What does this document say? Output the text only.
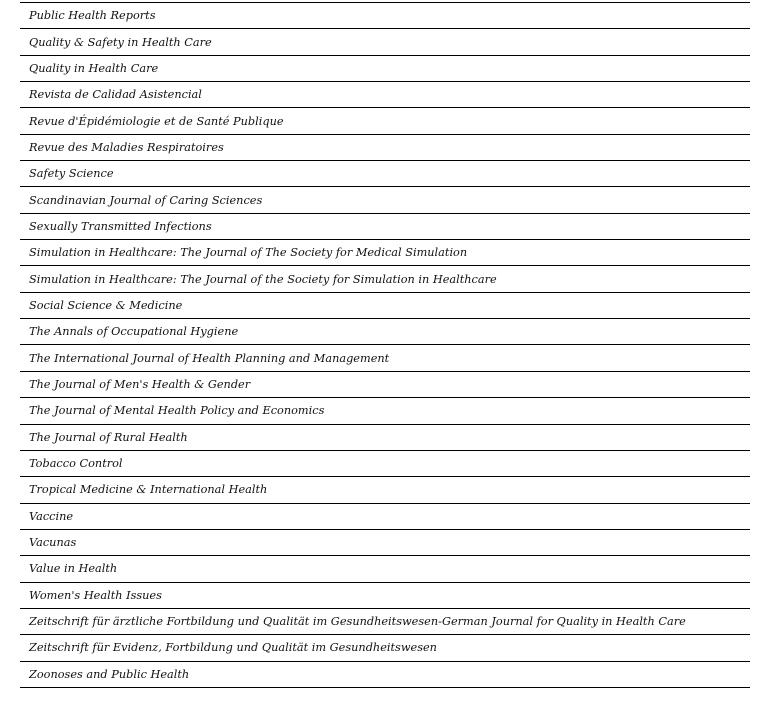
Public Health Reports
Quality & Safety in Health Care
Quality in Health Care
Revista de Calidad Asistencial
Revue d'Épidémiologie et de Santé Publique
Revue des Maladies Respiratoires
Safety Science
Scandinavian Journal of Caring Sciences
Sexually Transmitted Infections
Simulation in Healthcare: The Journal of The Society for Medical Simulation
Simulation in Healthcare: The Journal of the Society for Simulation in Healthcare
Social Science & Medicine
The Annals of Occupational Hygiene
The International Journal of Health Planning and Management
The Journal of Men's Health & Gender
The Journal of Mental Health Policy and Economics
The Journal of Rural Health
Tobacco Control
Tropical Medicine & International Health
Vaccine
Vacunas
Value in Health
Women's Health Issues
Zeitschrift für ärztliche Fortbildung und Qualität im Gesundheitswesen-German Journal for Quality in Health Care
Zeitschrift für Evidenz, Fortbildung und Qualität im Gesundheitswesen
Zoonoses and Public Health
